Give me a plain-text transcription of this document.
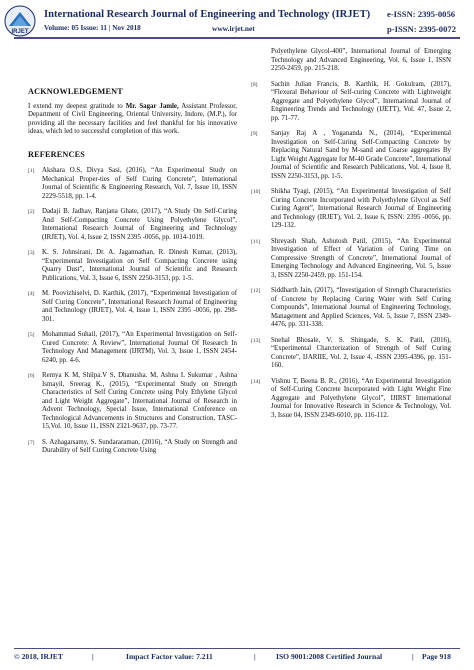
IRJET
International Research Journal of Engineering and Technology (IRJET) e-ISSN: 2395-0056
Volume: 05 Issue: 11 | Nov 2018	www.irjet.net	p-ISSN: 2395-0072
ACKNOWLEDGEMENT

I extend my deepest gratitude to Mr. Sagar Jamle, Assistant Professor, Department of Civil Engineering, Oriental University, Indore, (M.P.), for providing all the necessary facilities and feel thankful for his innovative ideas, which led to successful completion of this work.

REFERENCES
[1] Akshara O.S, Divya Sasi, (2016), “An Experimental Study on Mechanical Proper-ties of Self Curing Concrete”, International Journal of Scientific & Engineering Research, Vol. 7, Issue 10, ISSN 2229-5518, pp. 1-4.
[2] Dadaji B. Jadhav, Ranjana Ghate, (2017), “A Study On Self-Curing And Self-Compacting Concrete Using Polyethylene Glycol”, International Research Journal of Engineering and Technology (IRJET), Vol. 4, Issue 2, ISSN 2395 -0056, pp. 1014-1019.
[3] K. S. Johnsirani, Dr. A. Jagannathan, R. Dinesh Kumar, (2013), “Experimental Investigation on Self Compacting Concrete using Quarry Dust”, International Journal of Scientific and Research Publications, Vol. 3, Issue 6, ISSN 2250-3153, pp. 1-5.
[4] M. Poovizhiselvi, D. Karthik, (2017), “Experimental Investigation of Self Curing Concrete”, International Research Journal of Engineering and Technology (IRJET), Vol. 4, Issue 1, ISSN 2395 -0056, pp. 298-301.
[5] Mohammad Suhail, (2017), “An Experimental Investigation on Self-Cured Concrete: A Review”, International Journal Of Research In Technology And Management (IJRTM), Vol. 3, Issue 1, ISSN 2454-6240, pp. 4-6.
[6] Remya K M, Shilpa.V S, Dhanusha. M, Ashna L Sukumar , Ashna Ismayil, Sreerag K., (2015), “Experimental Study on Strength Characteristics of Self Curing Concrete using Poly Ethylene Glycol and Light Weight Aggregate”, International Journal of Research in Advent Technology, Special Issue, International Conference on Technological Advancements in Structures and Construction, TASC-15,Vol. 10, Issue 11, ISSN 2321-9637, pp. 73-77.
[7] S. Azhagarsamy, S. Sundararaman, (2016), “A Study on Strength and Durability of Self Curing Concrete Using

Polyethylene Glycol-400”, International Journal of Emerging Technology and Advanced Engineering, Vol. 6, Issue 1, ISSN 2250-2459, pp. 215-218.

[8] Sachin Julian Francis, B. Karthik, H. Gokulram, (2017), “Flexural Behaviour of Self-curing Concrete with Lightweight Aggregate and Polyethylene Glycol”, International Journal of Engineering Trends and Technology (IJETT), Vol. 47, Issue 2, pp. 71-77.
[9] Sanjay Raj A , Yogananda N., (2014), “Experimental Investigation on Self-Curing Self-Compacting Concrete by Replacing Natural Sand by M-sand and Coarse aggregates By Light Weight Aggregate for M-40 Grade Concrete”, International Journal of Scientific and Research Publications, Vol. 4, Issue 8, ISSN 2250-3153, pp. 1-5.
[10] Shikha Tyagi, (2015), “An Experimental Investigation of Self Curing Concrete Incorporated with Polyethylene Glycol as Self Curing Agent”, International Research Journal of Engineering and Technology (IRJET), Vol. 2, Issue 6, ISSN: 2395 -0056, pp. 129-132.
[11] Shreyash Shah, Ashutosh Patil, (2015), “An Experimental Investigation of Effect of Variation of Curing Time on Compressive Strength of Concrete”, International Journal of Emerging Technology and Advanced Engineering, Vol. 5, Issue 3, ISSN 2250-2459, pp. 151-154.
[12] Siddharth Jain, (2017), “Investigation of Strength Characteristics of Concrete by Replacing Curing Water with Self Curing Compounds”, International Journal of Engineering Technology, Management and Applied Sciences, Vol. 5, Issue 7, ISSN 2349-4476, pp. 331-338.
[13] Snehal Bhosale, V. S. Shingade, S. K. Patil, (2016), “Experimental Charcterization of Strength of Self Curing Concrete”, IJARIIE, Vol. 2, Issue 4, -ISSN 2395-4396, pp. 151-160.
[14] Vishnu T, Beena B. R., (2016), “An Experimental Investigation of Self-Curing Concrete Incorporated with Light Weight Fine Aggregate and Polyethylene Glycol”, IJIRST International Journal for Innovative Research in Science & Technology, Vol. 3, Issue 04, ISSN 2349-6010, pp. 116-112.
© 2018, IRJET	|	Impact Factor value: 7.211	|	ISO 9001:2008 Certified Journal	| Page 918
